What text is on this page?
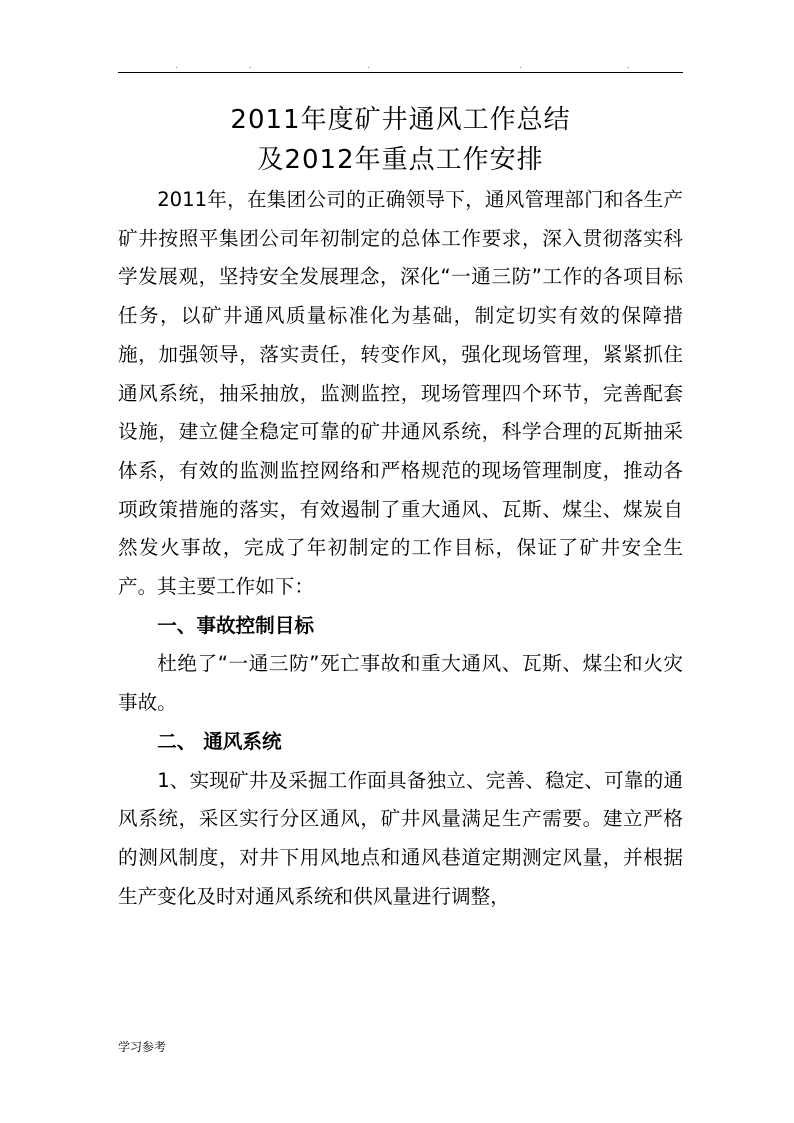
.	.	.	.	.
2011年度矿井通风工作总结
及2012年重点工作安排

2011年，在集团公司的正确领导下，通风管理部门和各生产矿井按照平集团公司年初制定的总体工作要求，深入贯彻落实科学发展观，坚持安全发展理念，深化“一通三防”工作的各项目标任务，以矿井通风质量标准化为基础，制定切实有效的保障措施，加强领导，落实责任，转变作风，强化现场管理，紧紧抓住通风系统，抽采抽放，监测监控，现场管理四个环节，完善配套设施，建立健全稳定可靠的矿井通风系统，科学合理的瓦斯抽采体系，有效的监测监控网络和严格规范的现场管理制度，推动各项政策措施的落实，有效遏制了重大通风、瓦斯、煤尘、煤炭自然发火事故，完成了年初制定的工作目标，保证了矿井安全生产。其主要工作如下：

一、事故控制目标

杜绝了“一通三防”死亡事故和重大通风、瓦斯、煤尘和火灾事故。

二、 通风系统

1、实现矿井及采掘工作面具备独立、完善、稳定、可靠的通风系统，采区实行分区通风，矿井风量满足生产需要。建立严格的测风制度，对井下用风地点和通风巷道定期测定风量，并根据生产变化及时对通风系统和供风量进行调整，

学习参考
